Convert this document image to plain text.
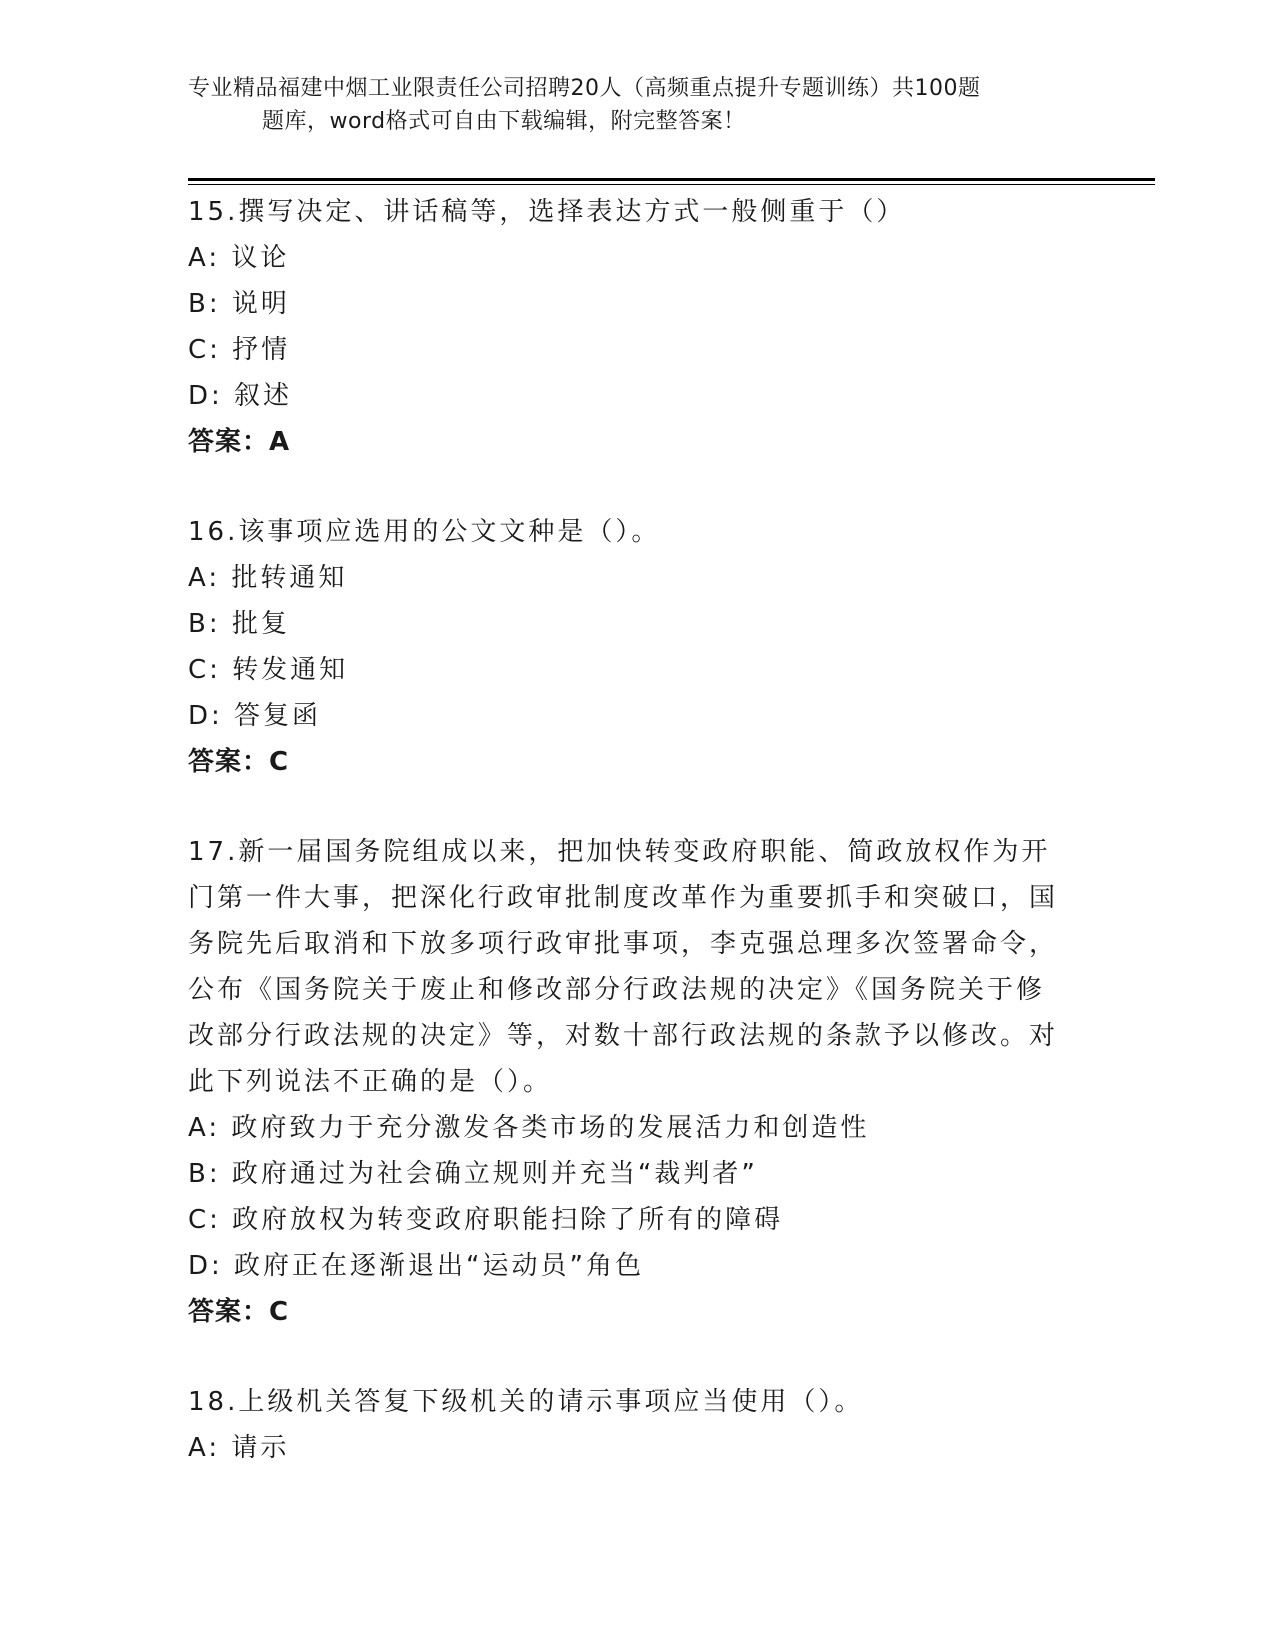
专业精品福建中烟工业限责任公司招聘20人（高频重点提升专题训练）共100题
题库，word格式可自由下载编辑，附完整答案！
15.撰写决定、讲话稿等，选择表达方式一般侧重于（）
A: 议论
B: 说明
C: 抒情
D: 叙述
答案：A
16.该事项应选用的公文文种是（）。
A: 批转通知
B: 批复
C: 转发通知
D: 答复函
答案：C
17.新一届国务院组成以来，把加快转变政府职能、简政放权作为开门第一件大事，把深化行政审批制度改革作为重要抓手和突破口，国务院先后取消和下放多项行政审批事项，李克强总理多次签署命令，公布《国务院关于废止和修改部分行政法规的决定》《国务院关于修改部分行政法规的决定》等，对数十部行政法规的条款予以修改。对此下列说法不正确的是（）。
A: 政府致力于充分激发各类市场的发展活力和创造性
B: 政府通过为社会确立规则并充当“裁判者”
C: 政府放权为转变政府职能扫除了所有的障碍
D: 政府正在逐渐退出“运动员”角色
答案：C
18.上级机关答复下级机关的请示事项应当使用（）。
A: 请示
